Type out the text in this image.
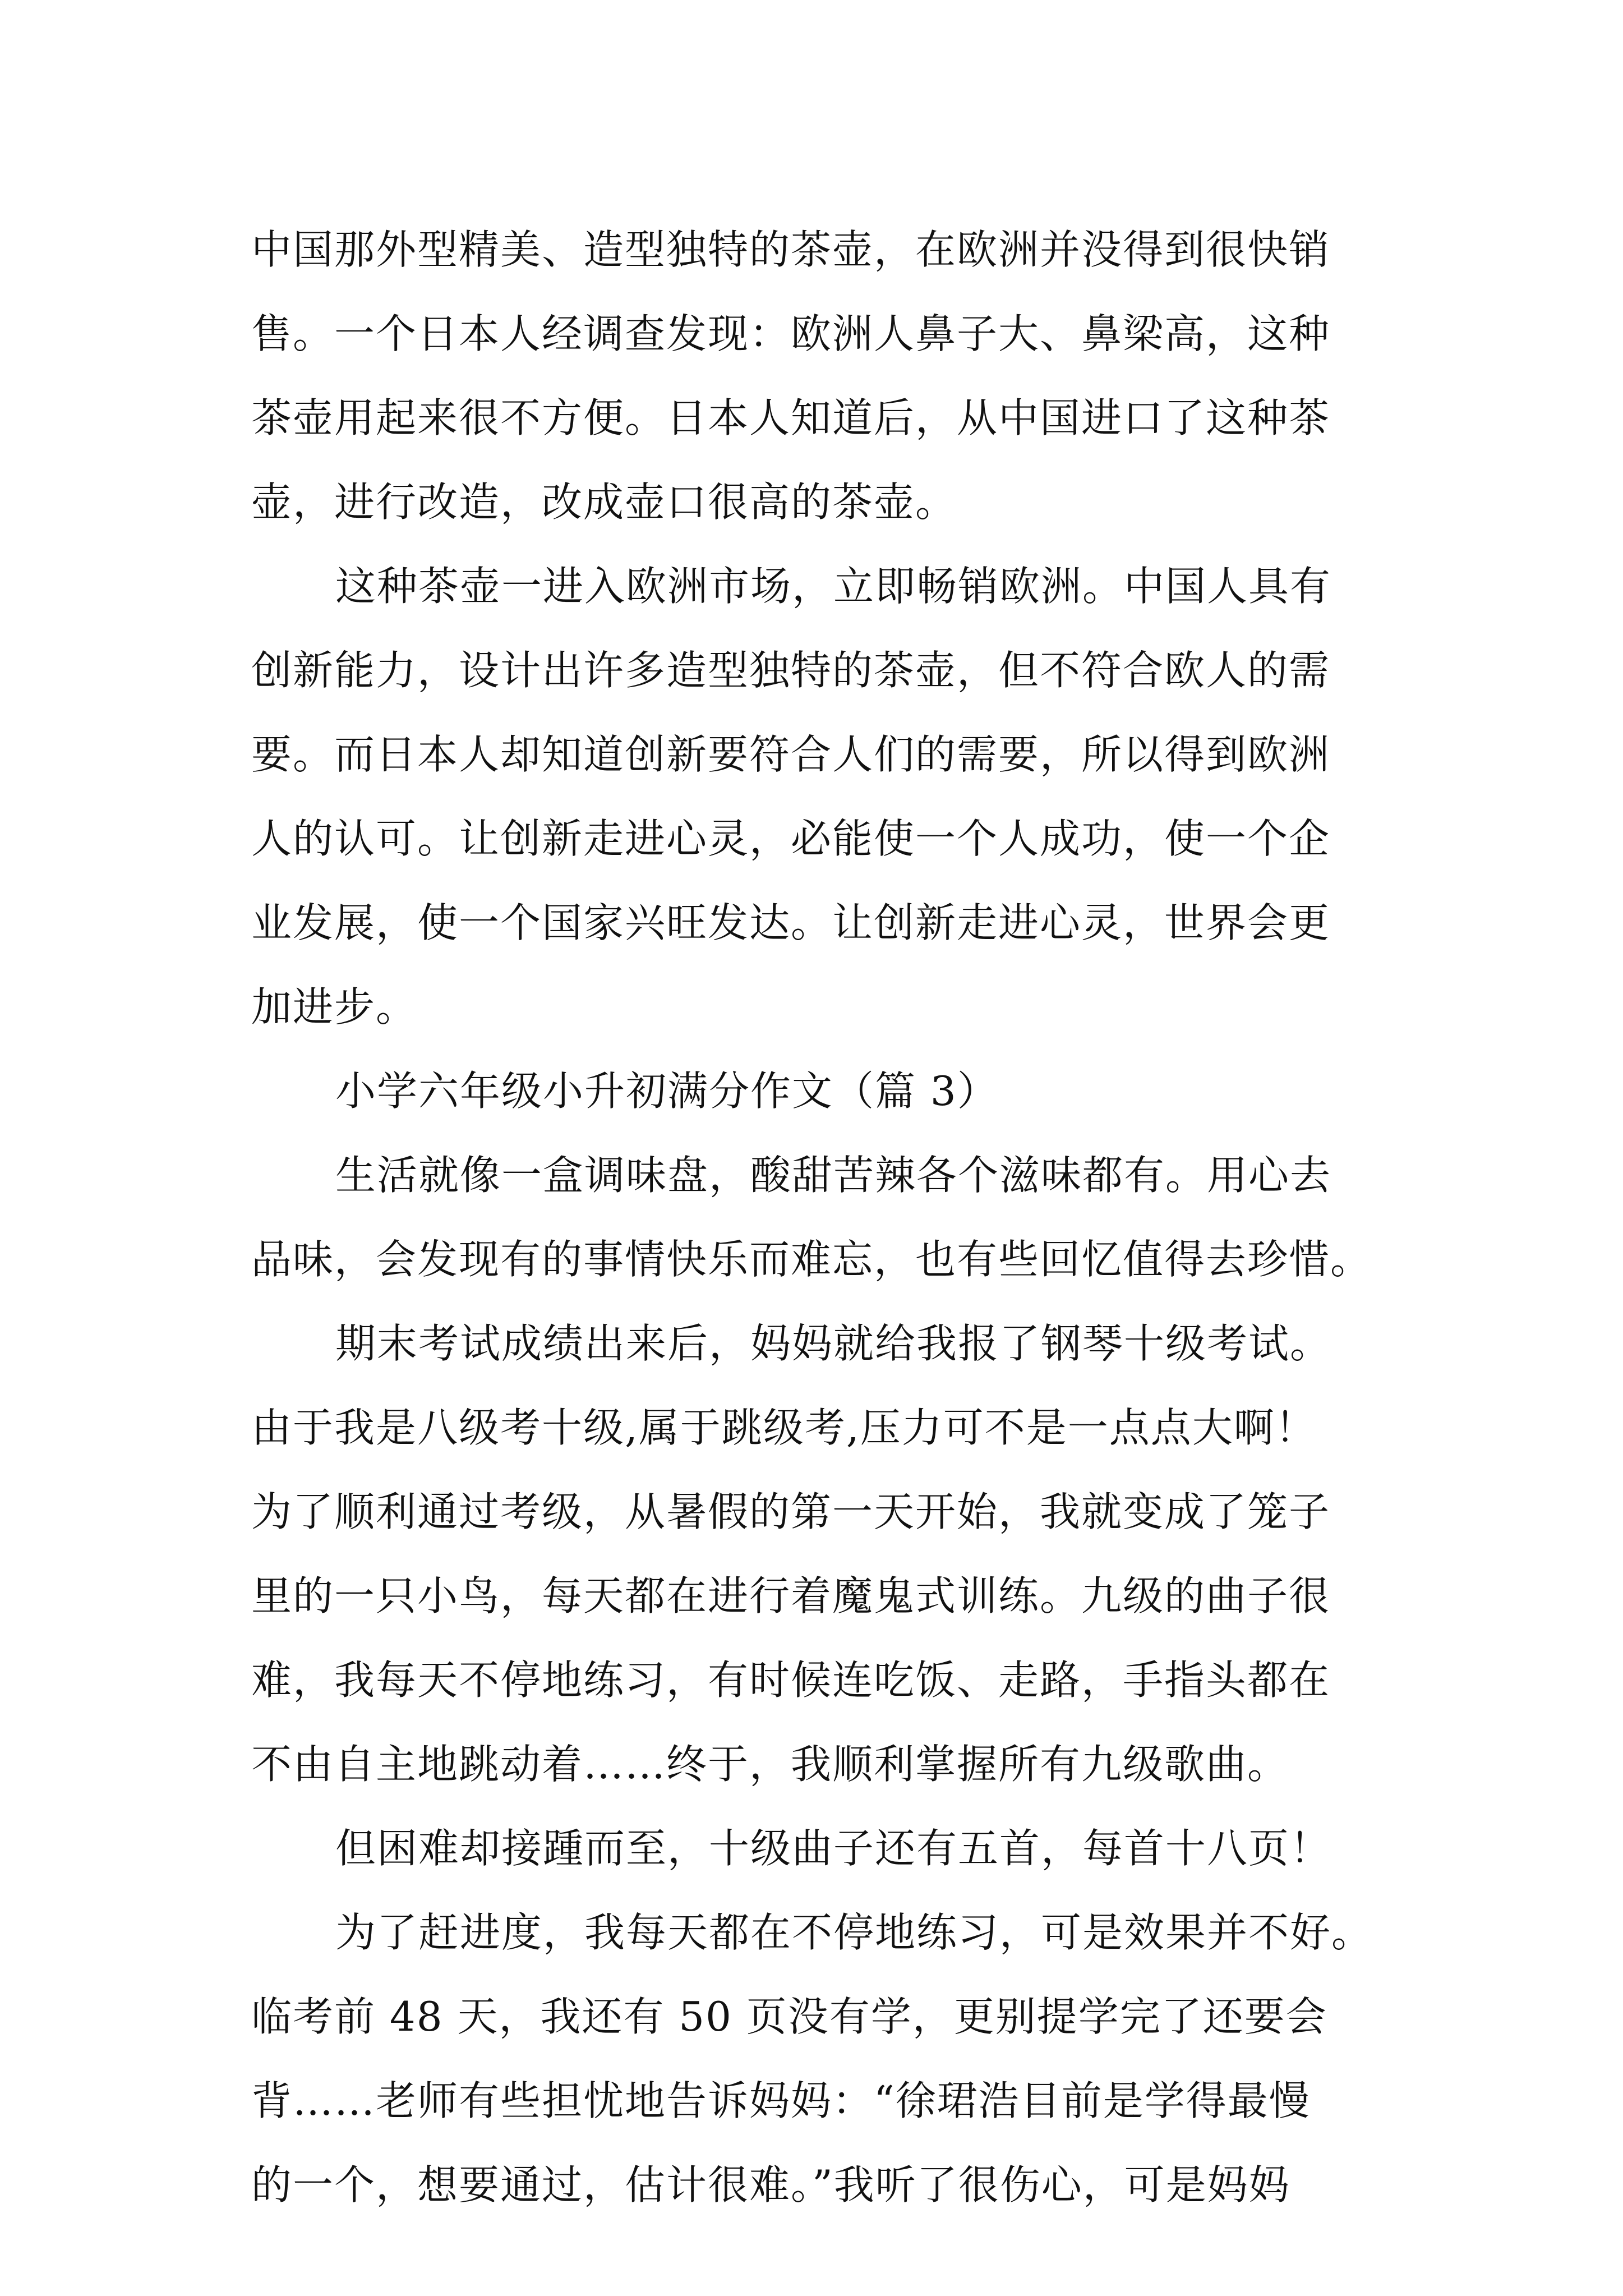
中国那外型精美、造型独特的茶壶，在欧洲并没得到很快销
售。一个日本人经调查发现：欧洲人鼻子大、鼻梁高，这种
茶壶用起来很不方便。日本人知道后，从中国进口了这种茶
壶，进行改造，改成壶口很高的茶壶。
这种茶壶一进入欧洲市场，立即畅销欧洲。中国人具有
创新能力，设计出许多造型独特的茶壶，但不符合欧人的需
要。而日本人却知道创新要符合人们的需要，所以得到欧洲
人的认可。让创新走进心灵，必能使一个人成功，使一个企
业发展，使一个国家兴旺发达。让创新走进心灵，世界会更
加进步。
小学六年级小升初满分作文（篇 3）
生活就像一盒调味盘，酸甜苦辣各个滋味都有。用心去
品味，会发现有的事情快乐而难忘，也有些回忆值得去珍惜。
期末考试成绩出来后，妈妈就给我报了钢琴十级考试。
由于我是八级考十级,属于跳级考,压力可不是一点点大啊！
为了顺利通过考级，从暑假的第一天开始，我就变成了笼子
里的一只小鸟，每天都在进行着魔鬼式训练。九级的曲子很
难，我每天不停地练习，有时候连吃饭、走路，手指头都在
不由自主地跳动着……终于，我顺利掌握所有九级歌曲。
但困难却接踵而至，十级曲子还有五首，每首十八页！
为了赶进度，我每天都在不停地练习，可是效果并不好。
临考前 48 天，我还有 50 页没有学，更别提学完了还要会
背……老师有些担忧地告诉妈妈：“徐珺浩目前是学得最慢
的一个，想要通过，估计很难。”我听了很伤心，可是妈妈
